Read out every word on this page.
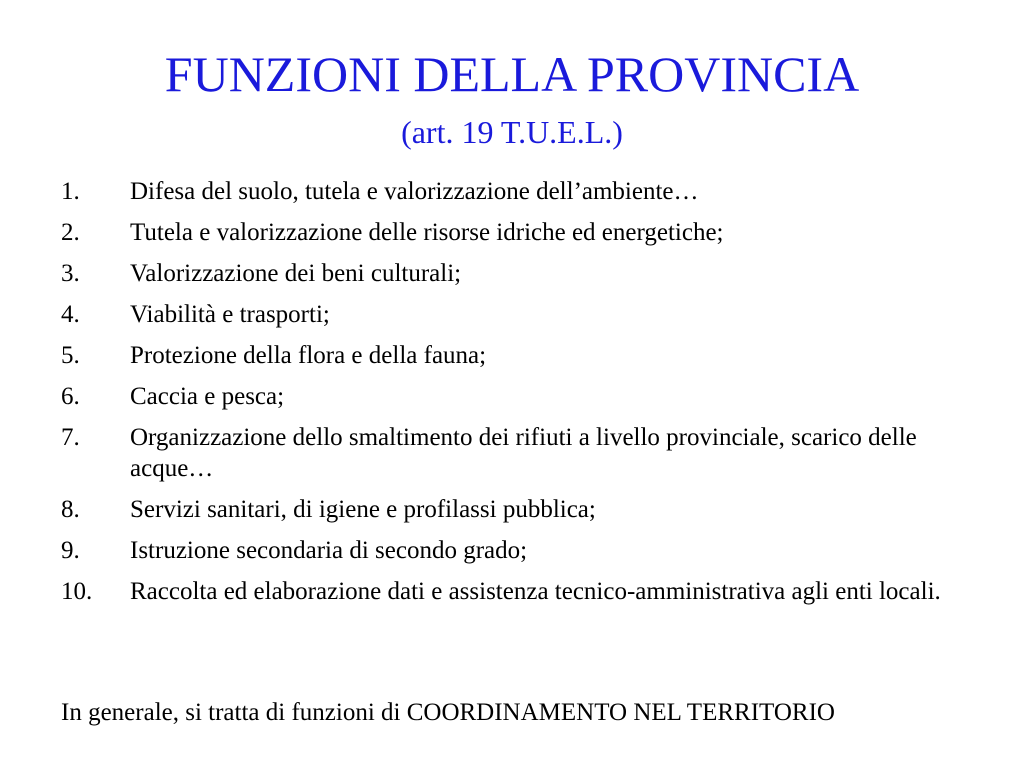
FUNZIONI DELLA PROVINCIA
(art. 19 T.U.E.L.)
1.	Difesa del suolo, tutela e valorizzazione dell’ambiente…
2.	Tutela e valorizzazione delle risorse idriche ed energetiche;
3.	Valorizzazione dei beni culturali;
4.	Viabilità e trasporti;
5.	Protezione della flora e della fauna;
6.	Caccia e pesca;
7.	Organizzazione dello smaltimento dei rifiuti a livello provinciale, scarico delle acque…
8.	Servizi sanitari, di igiene e profilassi pubblica;
9.	Istruzione secondaria di secondo grado;
10.	Raccolta ed elaborazione dati e assistenza tecnico-amministrativa agli enti locali.
In generale, si tratta di funzioni di COORDINAMENTO NEL TERRITORIO
